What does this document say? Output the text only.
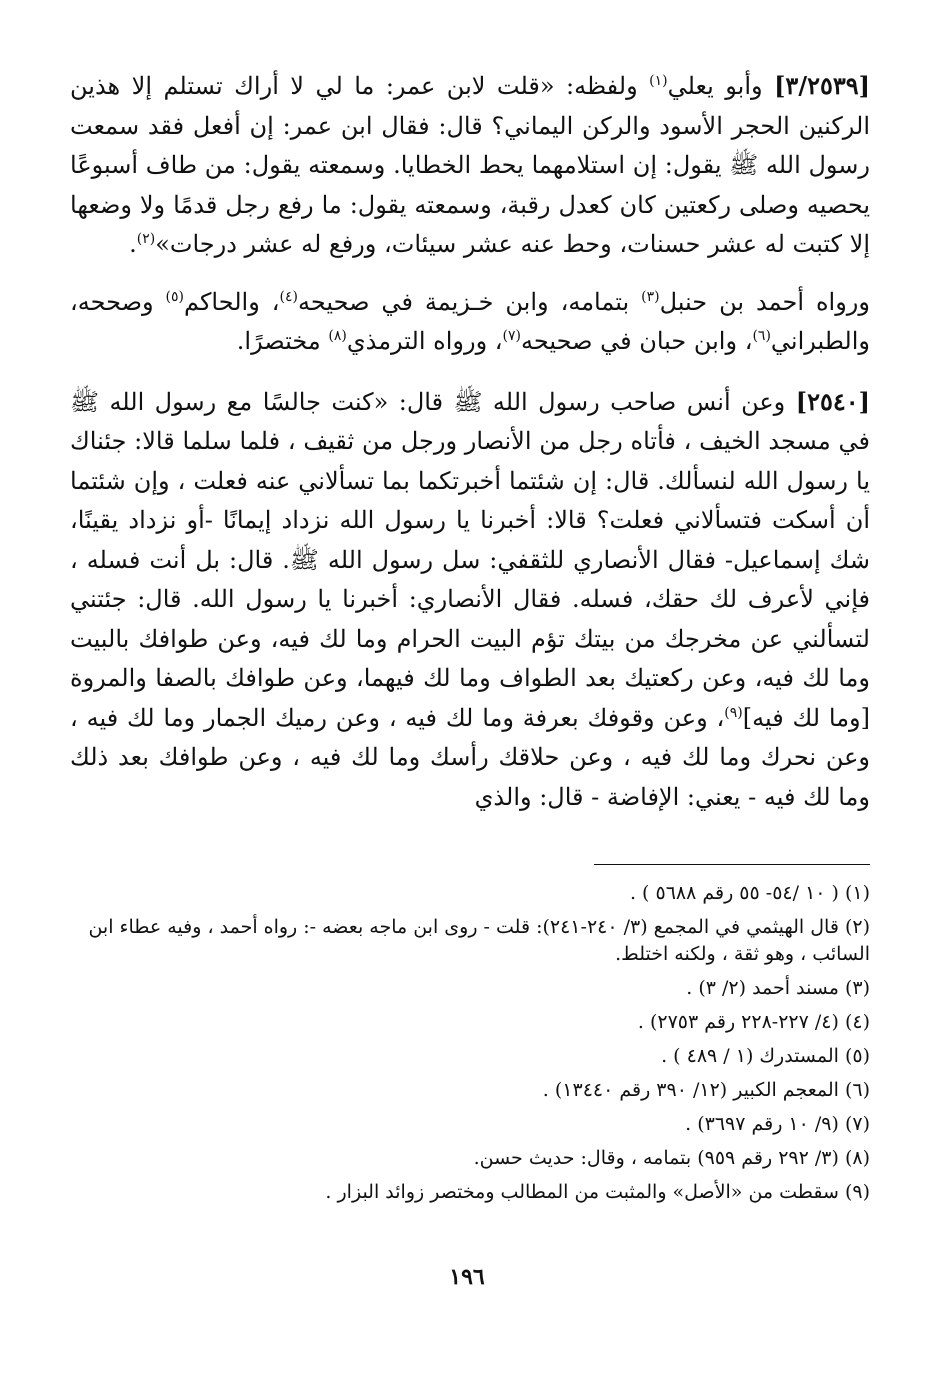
[٣/٢٥٣٩] وأبو يعلي$^{(١)}$ ولفظه: «قلت لابن عمر: ما لي لا أراك تستلم إلا هذين الركنين الحجر الأسود والركن اليماني؟ قال: فقال ابن عمر: إن أفعل فقد سمعت رسول الله ﷺ يقول: إن استلامهما يحط الخطايا. وسمعته يقول: من طاف أسبوعًا يحصيه وصلى ركعتين كان كعدل رقبة، وسمعته يقول: ما رفع رجل قدمًا ولا وضعها إلا كتبت له عشر حسنات، وحط عنه عشر سيئات، ورفع له عشر درجات»$^{(٢)}$.

ورواه أحمد بن حنبل$^{(٣)}$ بتمامه، وابن خـزيمة في صحيحه$^{(٤)}$، والحاكم$^{(٥)}$ وصححه، والطبراني$^{(٦)}$، وابن حبان في صحيحه$^{(٧)}$، ورواه الترمذي$^{(٨)}$ مختصرًا.

[٢٥٤٠] وعن أنس صاحب رسول الله ﷺ قال: «كنت جالسًا مع رسول الله ﷺ في مسجد الخيف ، فأتاه رجل من الأنصار ورجل من ثقيف ، فلما سلما قالا: جئناك يا رسول الله لنسألك. قال: إن شئتما أخبرتكما بما تسألاني عنه فعلت ، وإن شئتما أن أسكت فتسألاني فعلت؟ قالا: أخبرنا يا رسول الله نزداد إيمانًا -أو نزداد يقينًا، شك إسماعيل- فقال الأنصاري للثقفي: سل رسول الله ﷺ. قال: بل أنت فسله ، فإني لأعرف لك حقك، فسله. فقال الأنصاري: أخبرنا يا رسول الله. قال: جئتني لتسألني عن مخرجك من بيتك تؤم البيت الحرام وما لك فيه، وعن طوافك بالبيت وما لك فيه، وعن ركعتيك بعد الطواف وما لك فيهما، وعن طوافك بالصفا والمروة [وما لك فيه]$^{(٩)}$، وعن وقوفك بعرفة وما لك فيه ، وعن رميك الجمار وما لك فيه ، وعن نحرك وما لك فيه ، وعن حلاقك رأسك وما لك فيه ، وعن طوافك بعد ذلك وما لك فيه - يعني: الإفاضة - قال: والذي

(١)( ١٠ /٥٤- ٥٥ رقم ٥٦٨٨ ) .

(٢)قال الهيثمي في المجمع (٣/ ٢٤٠-٢٤١): قلت - روى ابن ماجه بعضه -: رواه أحمد ، وفيه عطاء ابن السائب ، وهو ثقة ، ولكنه اختلط.

(٣)مسند أحمد (٢/ ٣) .

(٤)(٤/ ٢٢٧-٢٢٨ رقم ٢٧٥٣) .

(٥)المستدرك (١ / ٤٨٩ ) .

(٦)المعجم الكبير (١٢/ ٣٩٠ رقم ١٣٤٤٠) .

(٧)(٩/ ١٠ رقم ٣٦٩٧) .

(٨)(٣/ ٢٩٢ رقم ٩٥٩) بتمامه ، وقال: حديث حسن.

(٩)سقطت من «الأصل» والمثبت من المطالب ومختصر زوائد البزار .

١٩٦
